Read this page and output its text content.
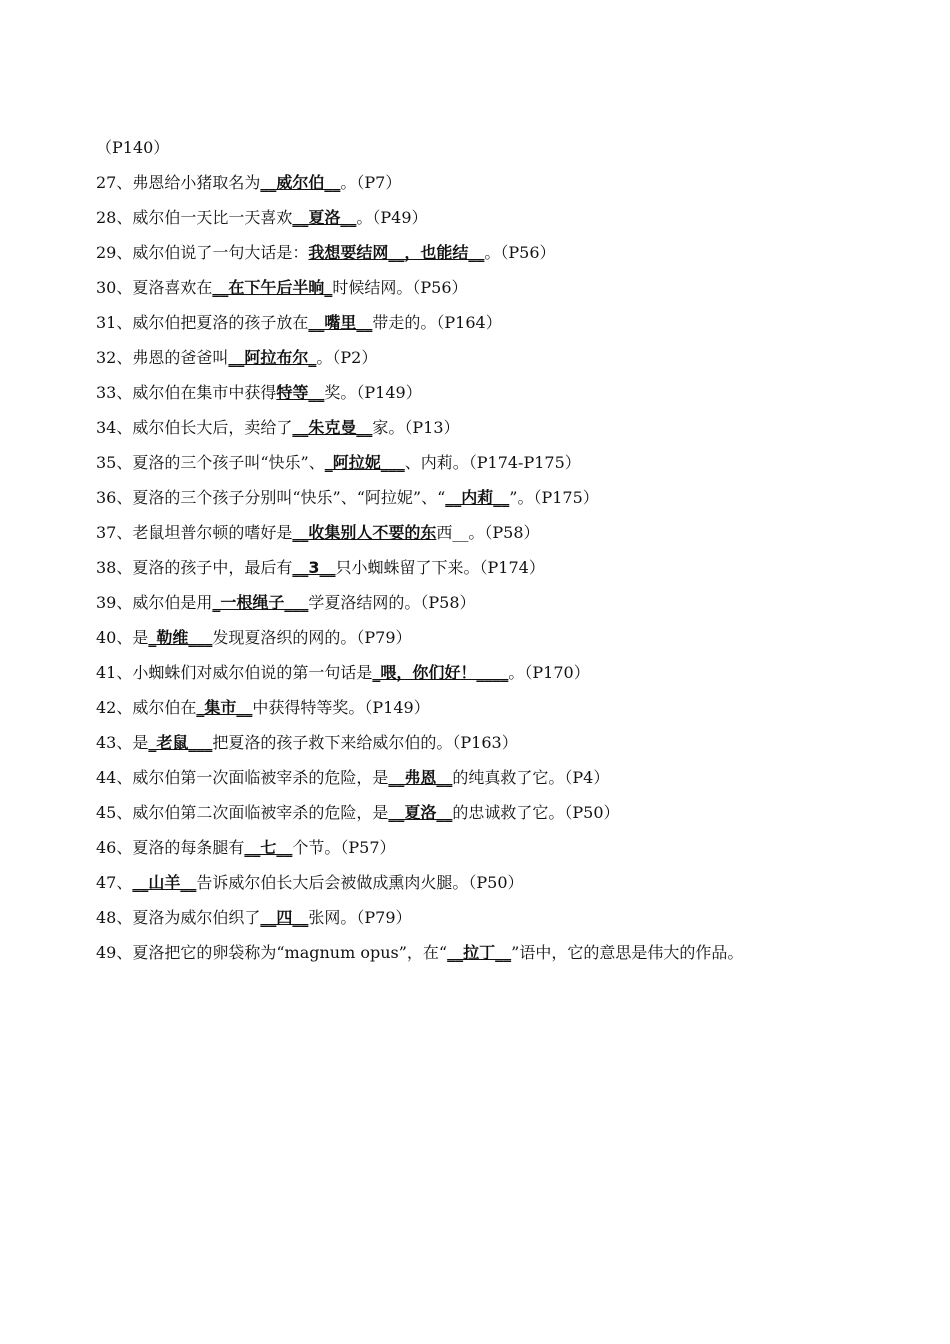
（P140）
27、弗恩给小猪取名为__威尔伯__。（P7）
28、威尔伯一天比一天喜欢__夏洛__。（P49）
29、威尔伯说了一句大话是：我想要结网__，也能结__。（P56）
30、夏洛喜欢在__在下午后半晌_时候结网。（P56）
31、威尔伯把夏洛的孩子放在__嘴里__带走的。（P164）
32、弗恩的爸爸叫__阿拉布尔_。（P2）
33、威尔伯在集市中获得特等__奖。（P149）
34、威尔伯长大后，卖给了__朱克曼__家。（P13）
35、夏洛的三个孩子叫“快乐”、_阿拉妮___、内莉。（P174-P175）
36、夏洛的三个孩子分别叫“快乐”、“阿拉妮”、“__内莉__”。（P175）
37、老鼠坦普尔顿的嗜好是__收集别人不要的东西__。（P58）
38、夏洛的孩子中，最后有__3__只小蜘蛛留了下来。（P174）
39、威尔伯是用_一根绳子___学夏洛结网的。（P58）
40、是_勒维___发现夏洛织的网的。（P79）
41、小蜘蛛们对威尔伯说的第一句话是_喂，你们好！____。（P170）
42、威尔伯在_集市__中获得特等奖。（P149）
43、是_老鼠___把夏洛的孩子救下来给威尔伯的。（P163）
44、威尔伯第一次面临被宰杀的危险，是__弗恩__的纯真救了它。（P4）
45、威尔伯第二次面临被宰杀的危险，是__夏洛__的忠诚救了它。（P50）
46、夏洛的每条腿有__七__个节。（P57）
47、__山羊__告诉威尔伯长大后会被做成熏肉火腿。（P50）
48、夏洛为威尔伯织了__四__张网。（P79）
49、夏洛把它的卵袋称为“magnum opus”，在“__拉丁__”语中，它的意思是伟大的作品。
